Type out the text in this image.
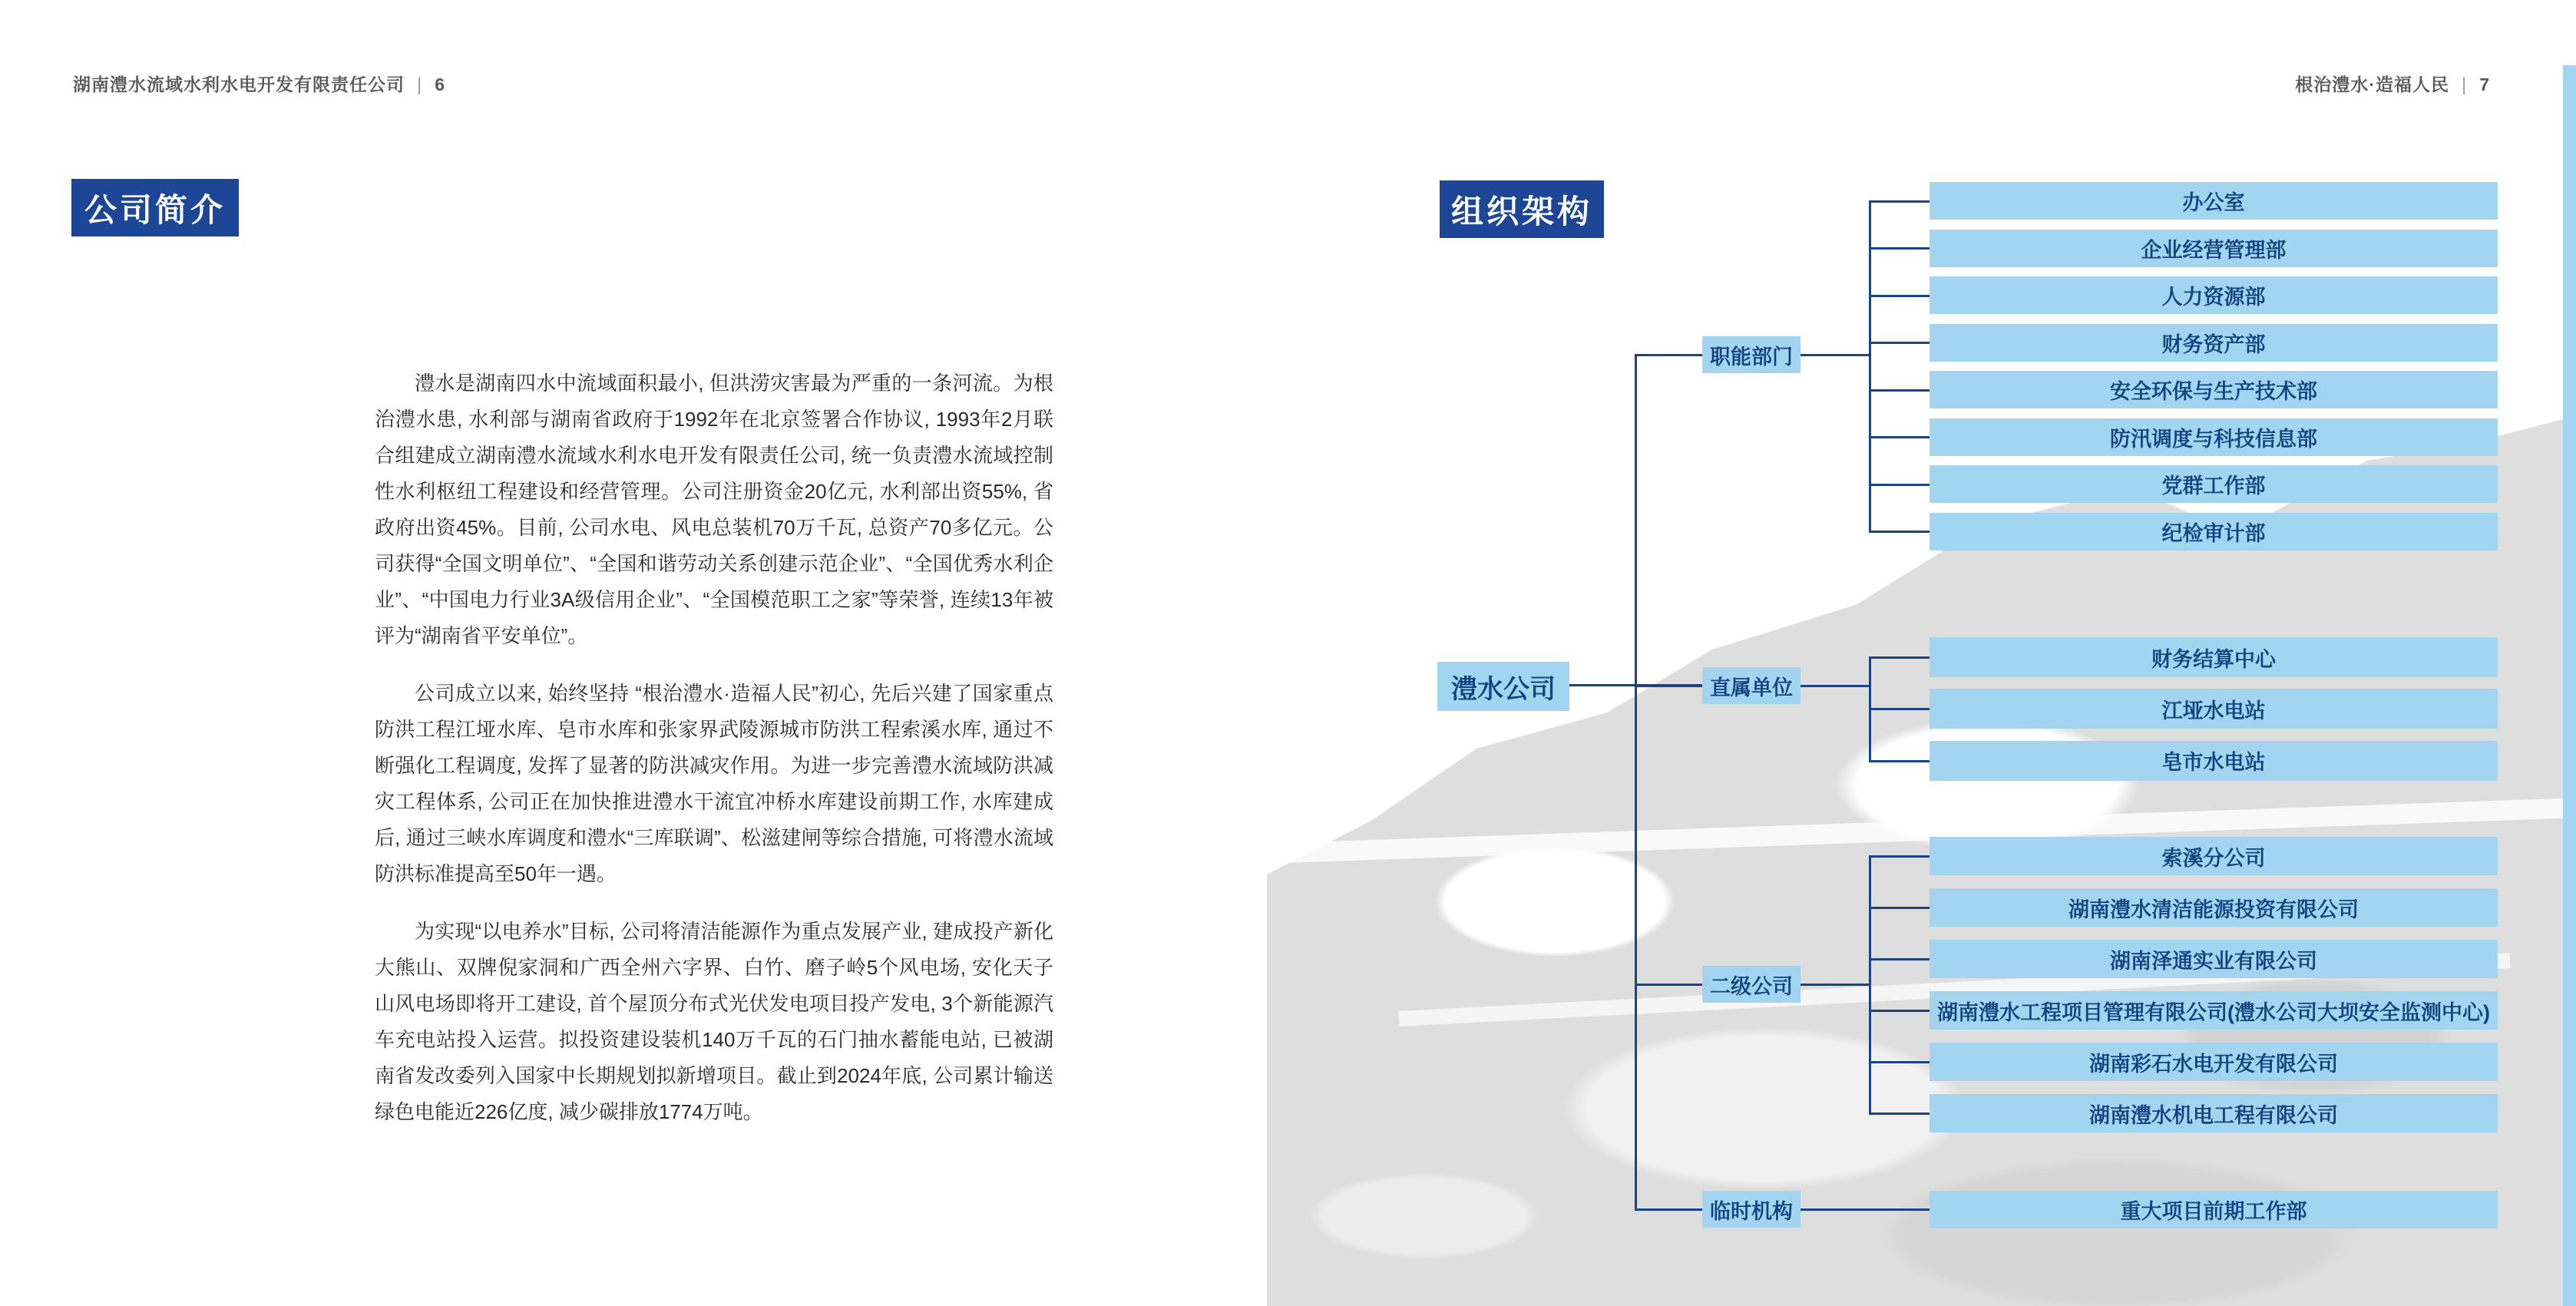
湖南澧水流域水利水电开发有限责任公司 | 6	根治澧水·造福人民 | 7
公司简介	组织架构

澧水是湖南四水中流域面积最小, 但洪涝灾害最为严重的一条河流。为根治澧水患, 水利部与湖南省政府于1992年在北京签署合作协议, 1993年2月联合组建成立湖南澧水流域水利水电开发有限责任公司, 统一负责澧水流域控制性水利枢纽工程建设和经营管理。公司注册资金20亿元, 水利部出资55%, 省政府出资45%。目前, 公司水电、风电总装机70万千瓦, 总资产70多亿元。公司获得“全国文明单位”、“全国和谐劳动关系创建示范企业”、“全国优秀水利企业”、“中国电力行业3A级信用企业”、“全国模范职工之家”等荣誉, 连续13年被评为“湖南省平安单位”。

公司成立以来, 始终坚持 “根治澧水·造福人民”初心, 先后兴建了国家重点防洪工程江垭水库、皂市水库和张家界武陵源城市防洪工程索溪水库, 通过不断强化工程调度, 发挥了显著的防洪减灾作用。为进一步完善澧水流域防洪减灾工程体系, 公司正在加快推进澧水干流宜冲桥水库建设前期工作, 水库建成后, 通过三峡水库调度和澧水“三库联调”、松滋建闸等综合措施, 可将澧水流域防洪标准提高至50年一遇。

为实现“以电养水”目标, 公司将清洁能源作为重点发展产业, 建成投产新化大熊山、双牌倪家洞和广西全州六字界、白竹、磨子岭5个风电场, 安化天子山风电场即将开工建设, 首个屋顶分布式光伏发电项目投产发电, 3个新能源汽车充电站投入运营。拟投资建设装机140万千瓦的石门抽水蓄能电站, 已被湖南省发改委列入国家中长期规划拟新增项目。截止到2024年底, 公司累计输送绿色电能近226亿度, 减少碳排放1774万吨。

澧水公司
职能部门
办公室
企业经营管理部
人力资源部
财务资产部
安全环保与生产技术部
防汛调度与科技信息部
党群工作部
纪检审计部
直属单位
财务结算中心
江垭水电站
皂市水电站
二级公司
索溪分公司
湖南澧水清洁能源投资有限公司
湖南泽通实业有限公司
湖南澧水工程项目管理有限公司(澧水公司大坝安全监测中心)
湖南彩石水电开发有限公司
湖南澧水机电工程有限公司
临时机构	重大项目前期工作部
